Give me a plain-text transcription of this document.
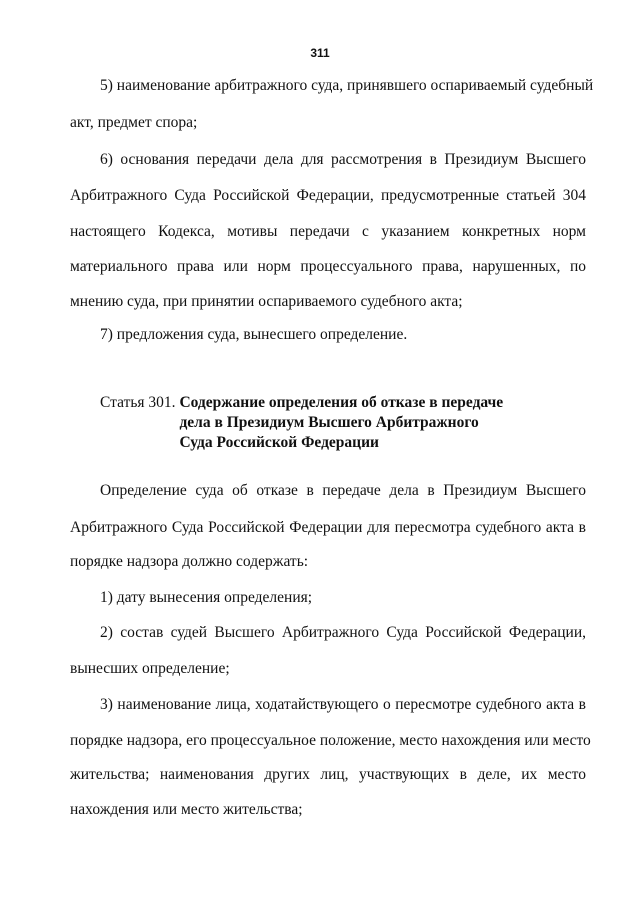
311
5) наименование арбитражного суда, принявшего оспариваемый судебный
акт, предмет спора;
6) основания передачи дела для рассмотрения в Президиум Высшего
Арбитражного Суда Российской Федерации, предусмотренные статьей 304
настоящего Кодекса, мотивы передачи с указанием конкретных норм
материального права или норм процессуального права, нарушенных, по
мнению суда, при принятии оспариваемого судебного акта;
7) предложения суда, вынесшего определение.
Статья 301. Содержание определения об отказе в передаче
дела в Президиум Высшего Арбитражного
Суда Российской Федерации
Определение суда об отказе в передаче дела в Президиум Высшего
Арбитражного Суда Российской Федерации для пересмотра судебного акта в
порядке надзора должно содержать:
1) дату вынесения определения;
2) состав судей Высшего Арбитражного Суда Российской Федерации,
вынесших определение;
3) наименование лица, ходатайствующего о пересмотре судебного акта в
порядке надзора, его процессуальное положение, место нахождения или место
жительства; наименования других лиц, участвующих в деле, их место
нахождения или место жительства;
